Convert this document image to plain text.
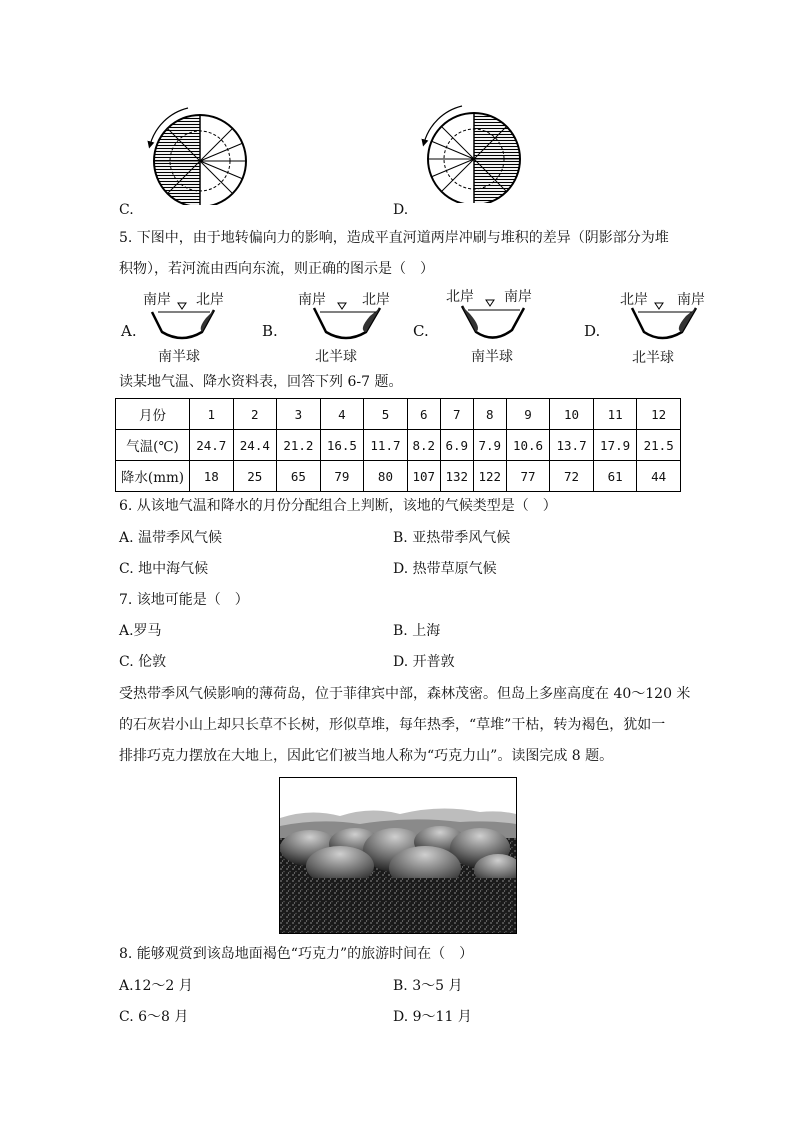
C.	D.
5. 下图中，由于地转偏向力的影响，造成平直河道两岸冲刷与堆积的差异（阴影部分为堆
积物），若河流由西向东流，则正确的图示是（　）
A.
南岸 北岸
南半球
B.
南岸	北岸
北半球
C.
北岸 南岸
南半球
D.
北岸 南岸
北半球
读某地气温、降水资料表，回答下列 6-7 题。
月份	1	2	3	4	5	6	7	8	9	10	11	12
气温(℃)	24.7	24.4	21.2	16.5	11.7	8.2	6.9	7.9	10.6	13.7	17.9	21.5
降水(mm)	18	25	65	79	80	107	132	122	77	72	61	44
6. 从该地气温和降水的月份分配组合上判断，该地的气候类型是（　）
A. 温带季风气候	B. 亚热带季风气候
C. 地中海气候	D. 热带草原气候
7. 该地可能是（　）
A.罗马	B. 上海
C. 伦敦	D. 开普敦
受热带季风气候影响的薄荷岛，位于菲律宾中部，森林茂密。但岛上多座高度在 40～120 米
的石灰岩小山上却只长草不长树，形似草堆，每年热季，“草堆”干枯，转为褐色，犹如一
排排巧克力摆放在大地上，因此它们被当地人称为“巧克力山”。读图完成 8 题。
8. 能够观赏到该岛地面褐色“巧克力”的旅游时间在（　）
A.12～2 月	B. 3～5 月
C. 6～8 月	D. 9～11 月
